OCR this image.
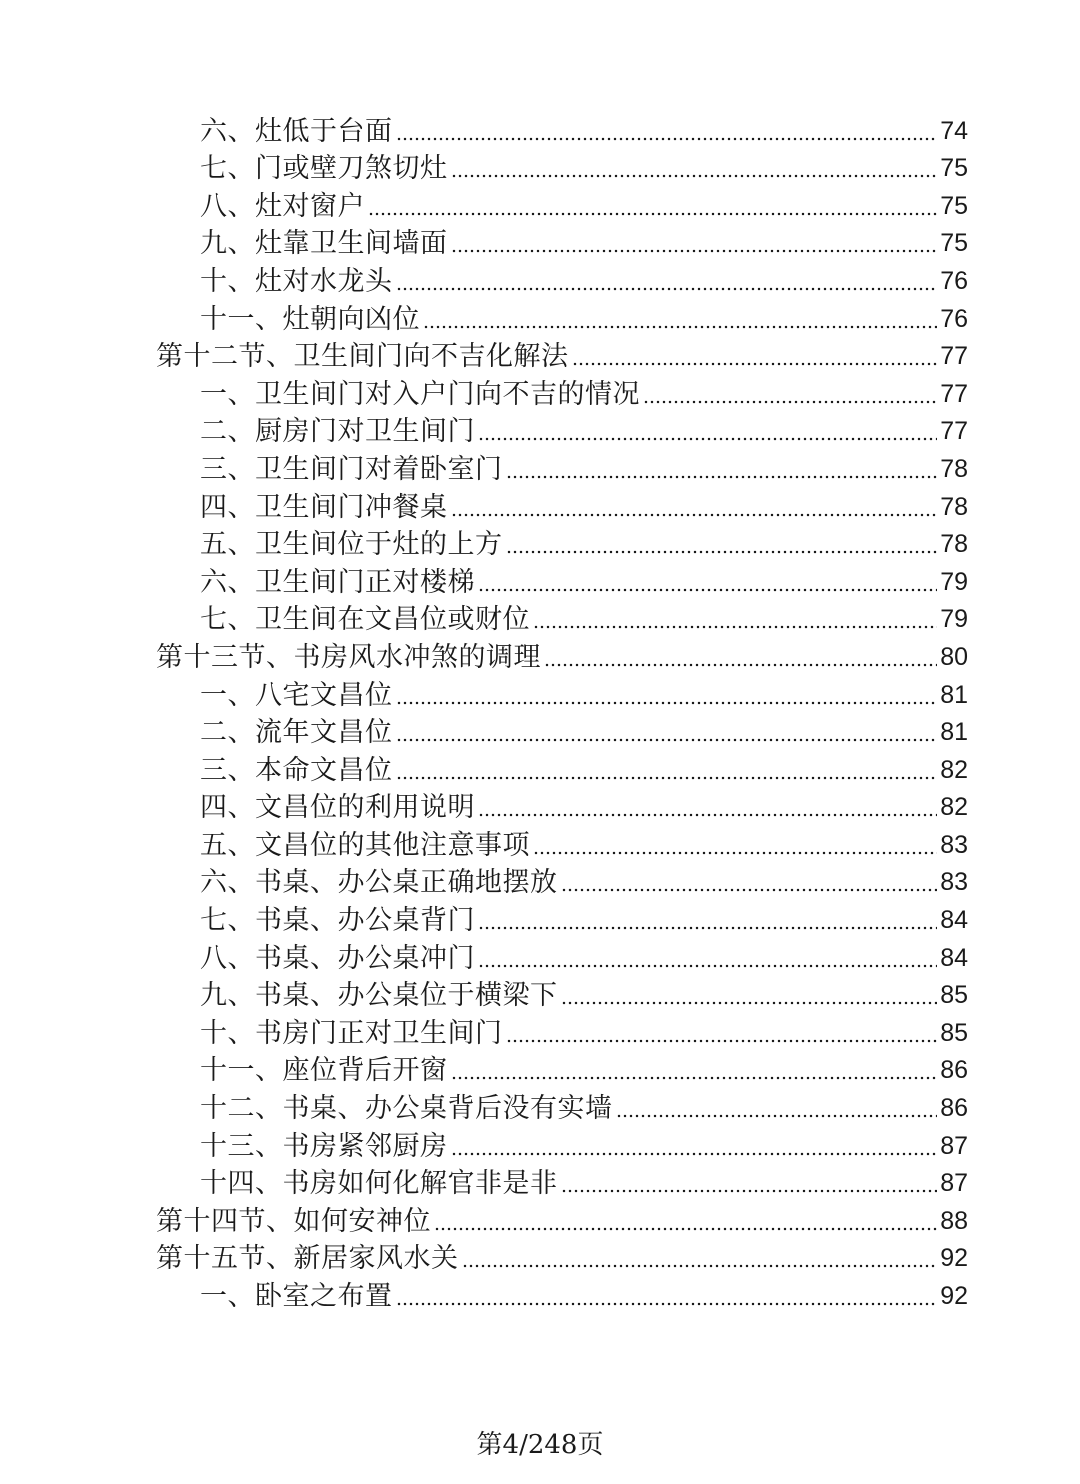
六、灶低于台面	74
七、门或壁刀煞切灶	75
八、灶对窗户	75
九、灶靠卫生间墙面	75
十、灶对水龙头	76
十一、灶朝向凶位	76
第十二节、卫生间门向不吉化解法	77
一、卫生间门对入户门向不吉的情况	77
二、厨房门对卫生间门	77
三、卫生间门对着卧室门	78
四、卫生间门冲餐桌	78
五、卫生间位于灶的上方	78
六、卫生间门正对楼梯	79
七、卫生间在文昌位或财位	79
第十三节、书房风水冲煞的调理	80
一、八宅文昌位	81
二、流年文昌位	81
三、本命文昌位	82
四、文昌位的利用说明	82
五、文昌位的其他注意事项	83
六、书桌、办公桌正确地摆放	83
七、书桌、办公桌背门	84
八、书桌、办公桌冲门	84
九、书桌、办公桌位于横梁下	85
十、书房门正对卫生间门	85
十一、座位背后开窗	86
十二、书桌、办公桌背后没有实墙	86
十三、书房紧邻厨房	87
十四、书房如何化解官非是非	87
第十四节、如何安神位	88
第十五节、新居家风水关	92
一、卧室之布置	92
第4/248页
